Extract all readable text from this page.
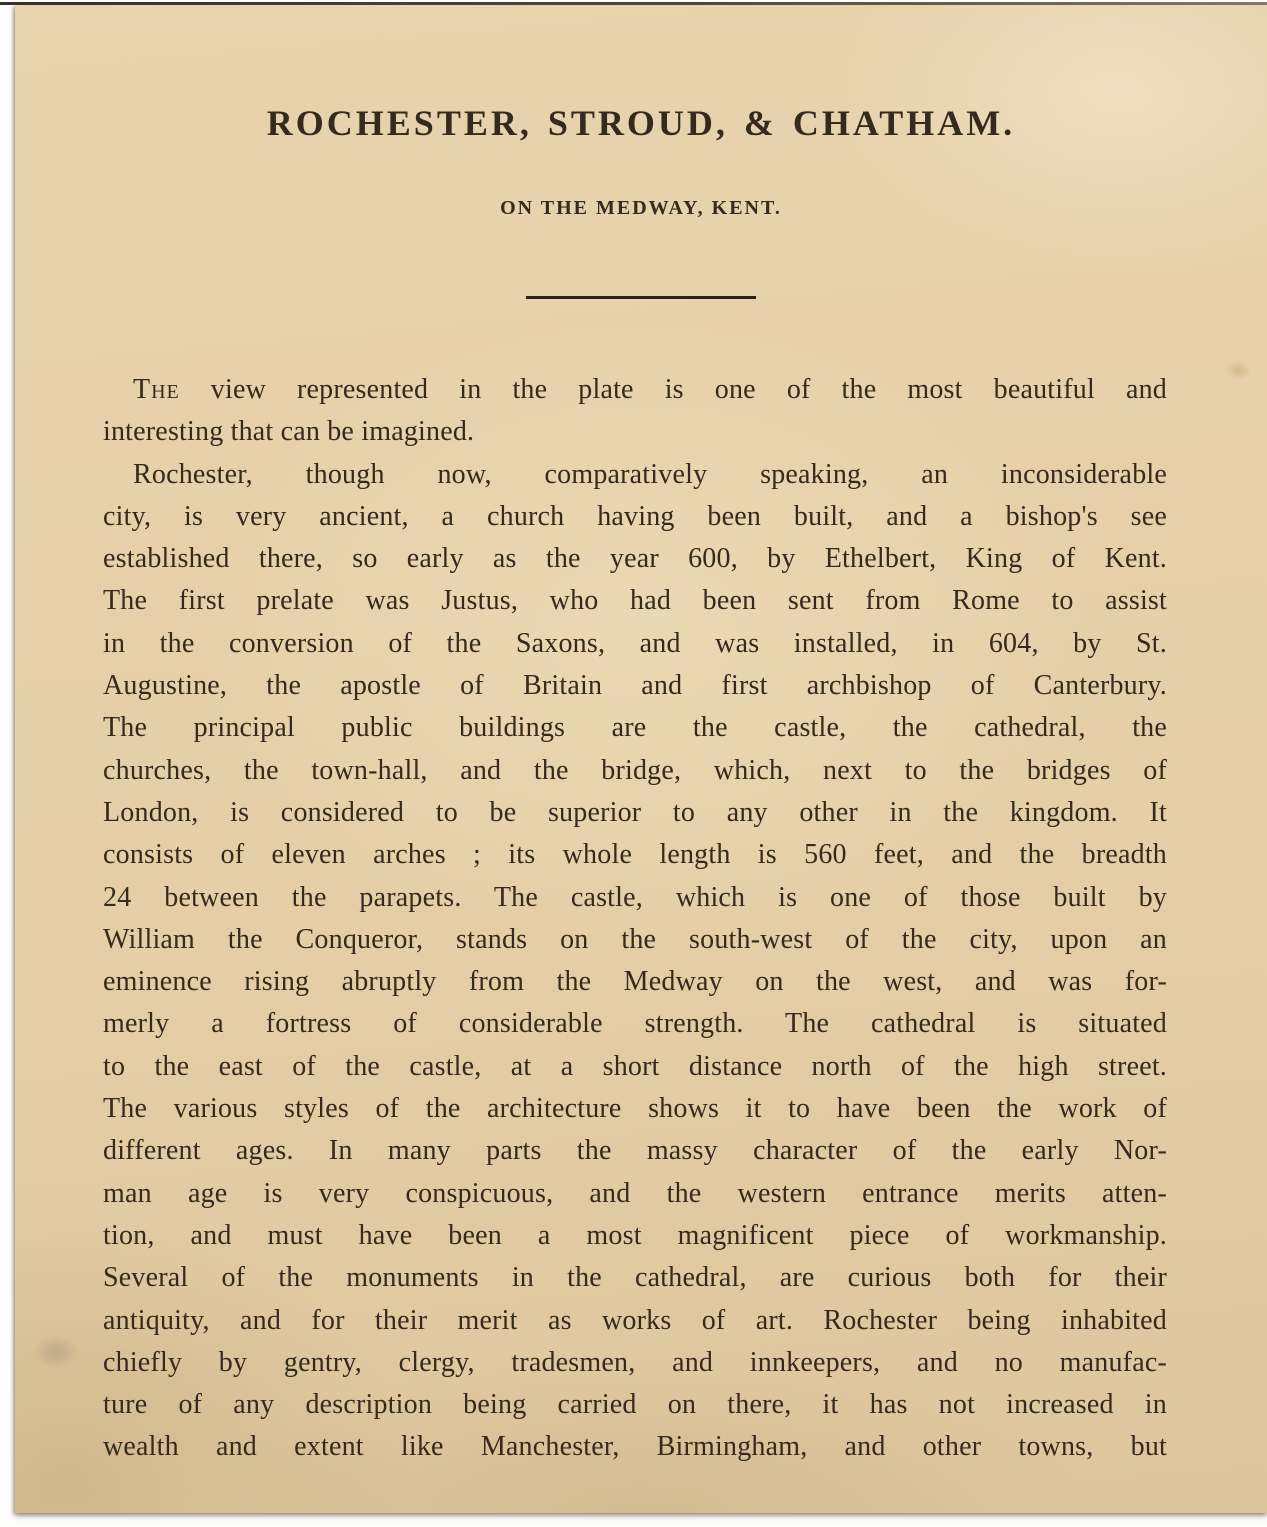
ROCHESTER, STROUD, & CHATHAM.
ON THE MEDWAY, KENT.
The view represented in the plate is one of the most beautiful and
interesting that can be imagined.
Rochester, though now, comparatively speaking, an inconsiderable
city, is very ancient, a church having been built, and a bishop's see
established there, so early as the year 600, by Ethelbert, King of Kent.
The first prelate was Justus, who had been sent from Rome to assist
in the conversion of the Saxons, and was installed, in 604, by St.
Augustine, the apostle of Britain and first archbishop of Canterbury.
The principal public buildings are the castle, the cathedral, the
churches, the town-hall, and the bridge, which, next to the bridges of
London, is considered to be superior to any other in the kingdom. It
consists of eleven arches ; its whole length is 560 feet, and the breadth
24 between the parapets. The castle, which is one of those built by
William the Conqueror, stands on the south-west of the city, upon an
eminence rising abruptly from the Medway on the west, and was for-
merly a fortress of considerable strength. The cathedral is situated
to the east of the castle, at a short distance north of the high street.
The various styles of the architecture shows it to have been the work of
different ages. In many parts the massy character of the early Nor-
man age is very conspicuous, and the western entrance merits atten-
tion, and must have been a most magnificent piece of workmanship.
Several of the monuments in the cathedral, are curious both for their
antiquity, and for their merit as works of art. Rochester being inhabited
chiefly by gentry, clergy, tradesmen, and innkeepers, and no manufac-
ture of any description being carried on there, it has not increased in
wealth and extent like Manchester, Birmingham, and other towns, but
